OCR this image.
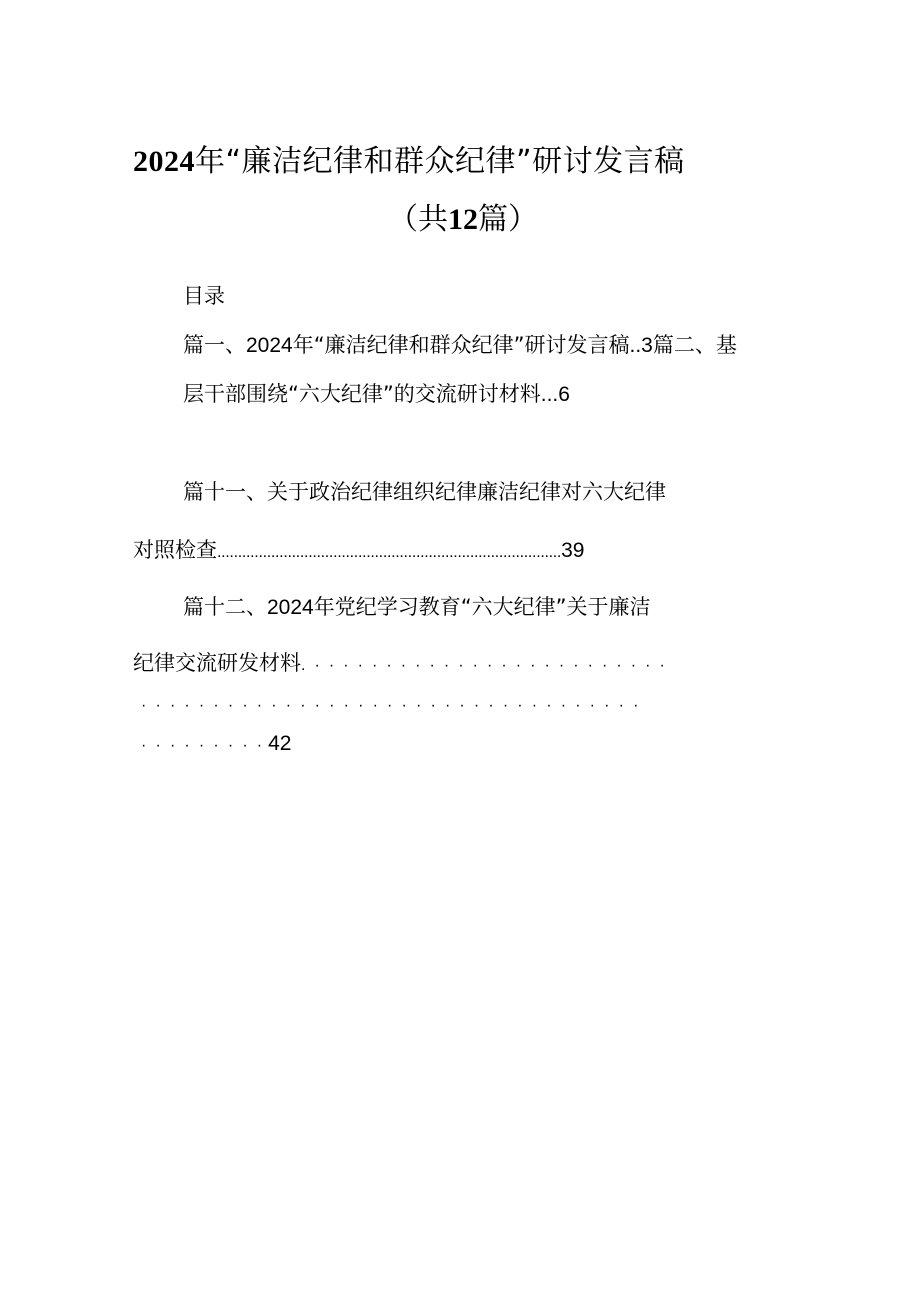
2024年“廉洁纪律和群众纪律”研讨发言稿
（共12篇）
目录
篇一、2024年“廉洁纪律和群众纪律”研讨发言稿..3篇二、基
层干部围绕“六大纪律”的交流研讨材料...6
篇十一、关于政治纪律组织纪律廉洁纪律对六大纪律
对照检查...................................................................................39
篇十二、2024年党纪学习教育“六大纪律”关于廉洁
纪律交流研发材料. · · · · · · · · · · · · · · · · · · · · · · · · ·
· · · · · · · · · · · · · · · · · · · · · · · · · · · · · · · · · · ·
· · · · · · · · · 42
